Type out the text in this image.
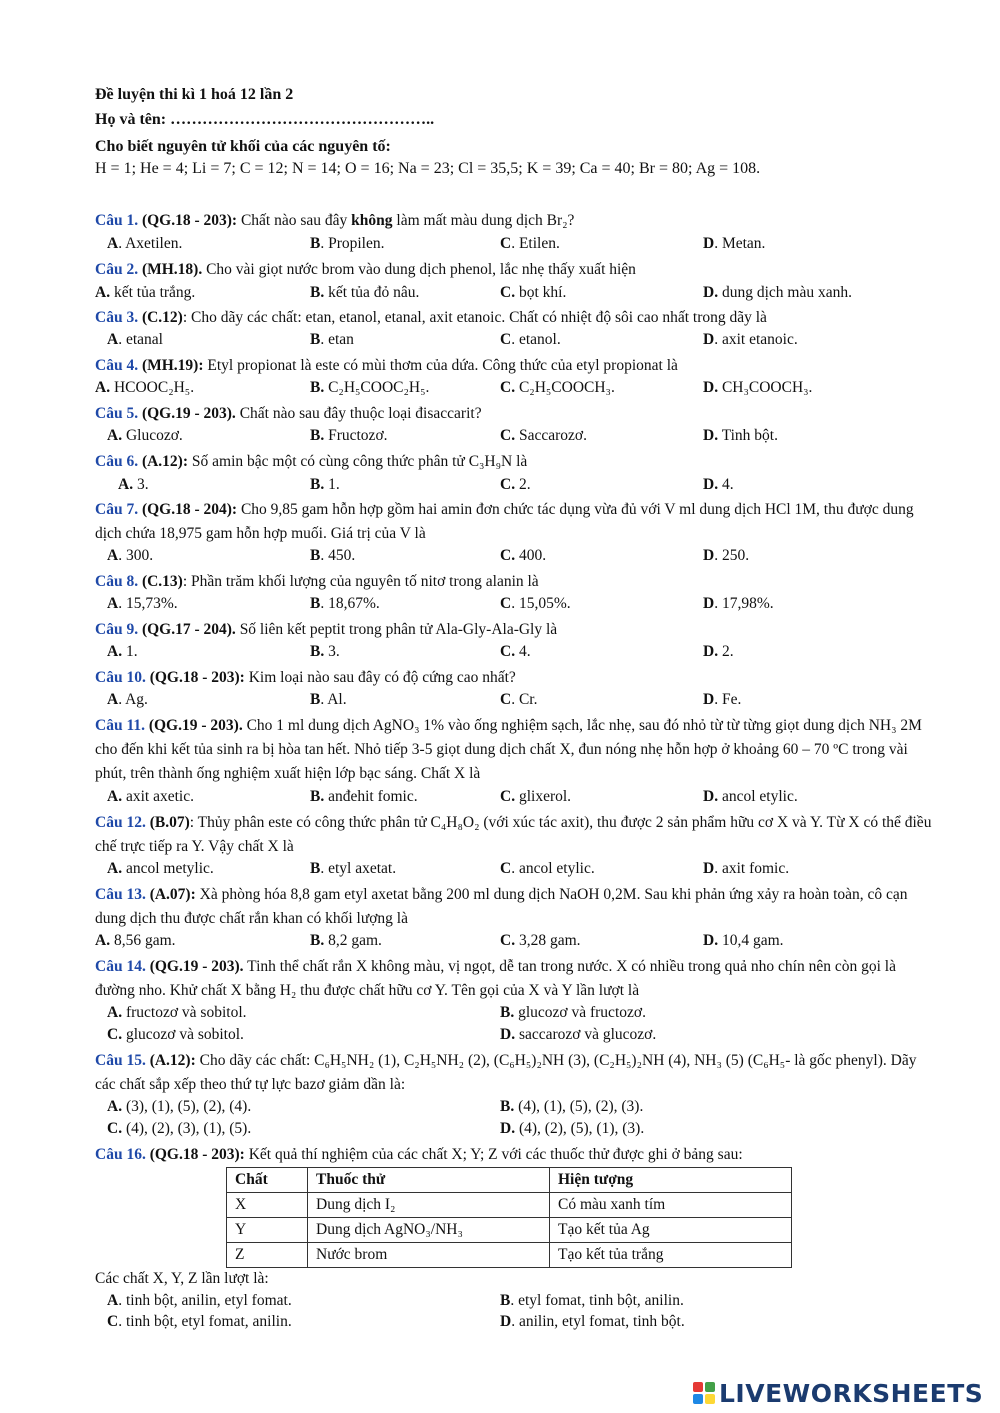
Đề luyện thi kì 1 hoá 12 lần 2
Họ và tên: …………………………………………..
Cho biết nguyên tử khối của các nguyên tố:
H = 1; He = 4; Li = 7; C = 12; N = 14; O = 16; Na = 23; Cl = 35,5; K = 39; Ca = 40; Br = 80; Ag = 108.
Câu 1. (QG.18 - 203): Chất nào sau đây không làm mất màu dung dịch Br₂?
A. Axetilen.	B. Propilen.	C. Etilen.	D. Metan.
Câu 2. (MH.18). Cho vài giọt nước brom vào dung dịch phenol, lắc nhẹ thấy xuất hiện
A. kết tủa trắng.	B. kết tủa đỏ nâu.	C. bọt khí.	D. dung dịch màu xanh.
Câu 3. (C.12): Cho dãy các chất: etan, etanol, etanal, axit etanoic. Chất có nhiệt độ sôi cao nhất trong dãy là
A. etanal	B. etan	C. etanol.	D. axit etanoic.
Câu 4. (MH.19): Etyl propionat là este có mùi thơm của dứa. Công thức của etyl propionat là
A. HCOOC₂H₅.	B. C₂H₅COOC₂H₅.	C. C₂H₅COOCH₃.	D. CH₃COOCH₃.
Câu 5. (QG.19 - 203). Chất nào sau đây thuộc loại đisaccarit?
A. Glucozơ.	B. Fructozơ.	C. Saccarozơ.	D. Tinh bột.
Câu 6. (A.12): Số amin bậc một có cùng công thức phân tử C₃H₉N là
A. 3.	B. 1.	C. 2.	D. 4.
Câu 7. (QG.18 - 204): Cho 9,85 gam hỗn hợp gồm hai amin đơn chức tác dụng vừa đủ với V ml dung dịch HCl 1M, thu được dung dịch chứa 18,975 gam hỗn hợp muối. Giá trị của V là
A. 300.	B. 450.	C. 400.	D. 250.
Câu 8. (C.13): Phần trăm khối lượng của nguyên tố nitơ trong alanin là
A. 15,73%.	B. 18,67%.	C. 15,05%.	D. 17,98%.
Câu 9. (QG.17 - 204). Số liên kết peptit trong phân tử Ala-Gly-Ala-Gly là
A. 1.	B. 3.	C. 4.	D. 2.
Câu 10. (QG.18 - 203): Kim loại nào sau đây có độ cứng cao nhất?
A. Ag.	B. Al.	C. Cr.	D. Fe.
Câu 11. (QG.19 - 203). Cho 1 ml dung dịch AgNO₃ 1% vào ống nghiệm sạch, lắc nhẹ, sau đó nhỏ từ từ từng giọt dung dịch NH₃ 2M cho đến khi kết tủa sinh ra bị hòa tan hết. Nhỏ tiếp 3-5 giọt dung dịch chất X, đun nóng nhẹ hỗn hợp ở khoảng 60 – 70 ºC trong vài phút, trên thành ống nghiệm xuất hiện lớp bạc sáng. Chất X là
A. axit axetic.	B. anđehit fomic.	C. glixerol.	D. ancol etylic.
Câu 12. (B.07): Thủy phân este có công thức phân tử C₄H₈O₂ (với xúc tác axit), thu được 2 sản phẩm hữu cơ X và Y. Từ X có thể điều chế trực tiếp ra Y. Vậy chất X là
A. ancol metylic.	B. etyl axetat.	C. ancol etylic.	D. axit fomic.
Câu 13. (A.07): Xà phòng hóa 8,8 gam etyl axetat bằng 200 ml dung dịch NaOH 0,2M. Sau khi phản ứng xảy ra hoàn toàn, cô cạn dung dịch thu được chất rắn khan có khối lượng là
A. 8,56 gam.	B. 8,2 gam.	C. 3,28 gam.	D. 10,4 gam.
Câu 14. (QG.19 - 203). Tinh thể chất rắn X không màu, vị ngọt, dễ tan trong nước. X có nhiều trong quả nho chín nên còn gọi là đường nho. Khử chất X bằng H₂ thu được chất hữu cơ Y. Tên gọi của X và Y lần lượt là
A. fructozơ và sobitol.	B. glucozơ và fructozơ.
C. glucozơ và sobitol.	D. saccarozơ và glucozơ.
Câu 15. (A.12): Cho dãy các chất: C₆H₅NH₂ (1), C₂H₅NH₂ (2), (C₆H₅)₂NH (3), (C₂H₅)₂NH (4), NH₃ (5) (C₆H₅- là gốc phenyl). Dãy các chất sắp xếp theo thứ tự lực bazơ giảm dần là:
A. (3), (1), (5), (2), (4).	B. (4), (1), (5), (2), (3).
C. (4), (2), (3), (1), (5).	D. (4), (2), (5), (1), (3).
Câu 16. (QG.18 - 203): Kết quả thí nghiệm của các chất X; Y; Z với các thuốc thử được ghi ở bảng sau:
Chất	Thuốc thử	Hiện tượng
X	Dung dịch I₂	Có màu xanh tím
Y	Dung dịch AgNO₃/NH₃	Tạo kết tủa Ag
Z	Nước brom	Tạo kết tủa trắng
Các chất X, Y, Z lần lượt là:
A. tinh bột, anilin, etyl fomat.	B. etyl fomat, tinh bột, anilin.
C. tinh bột, etyl fomat, anilin.	D. anilin, etyl fomat, tinh bột.
LIVEWORKSHEETS
